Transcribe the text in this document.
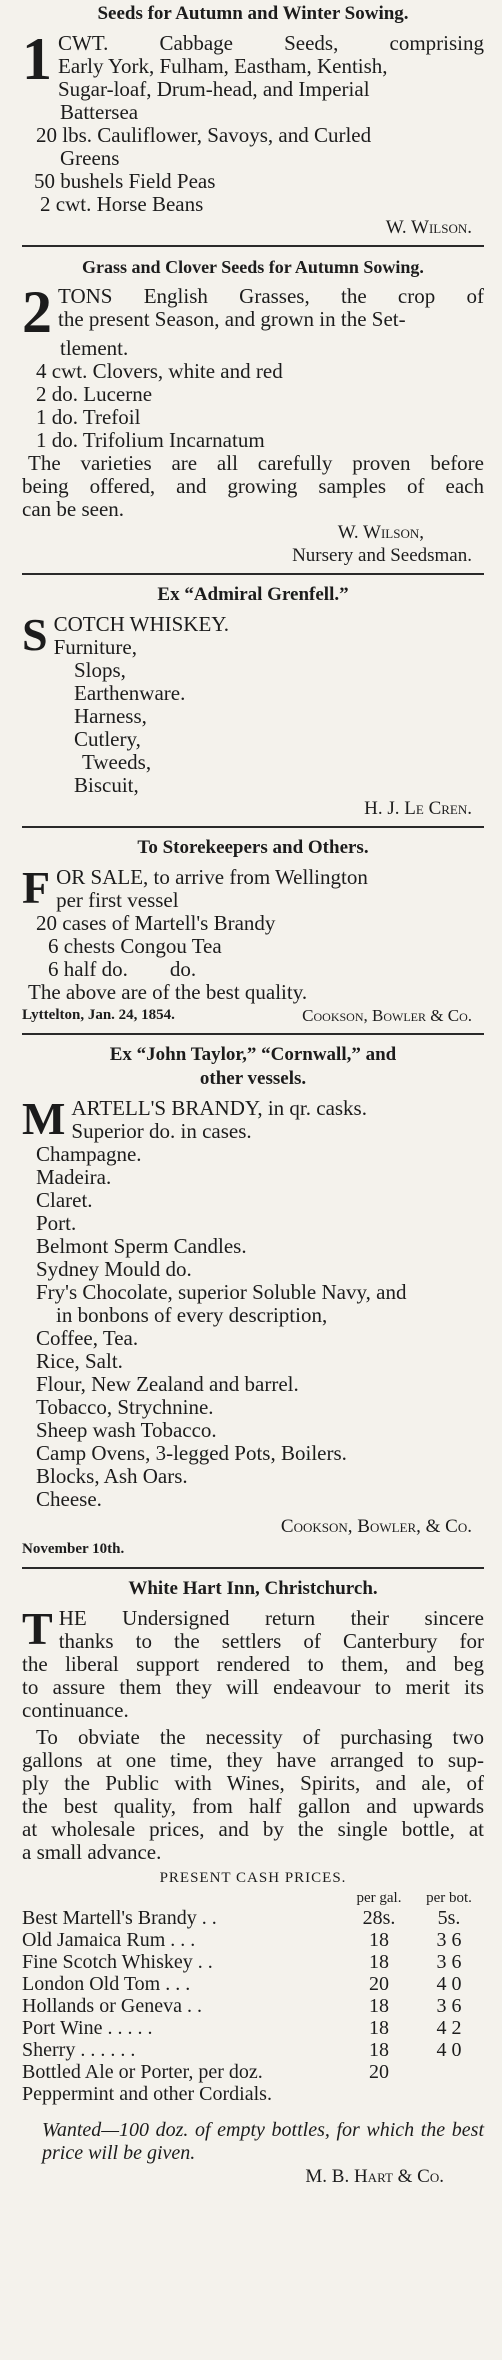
Seeds for Autumn and Winter Sowing.
1 CWT. Cabbage Seeds, comprising
Early York, Fulham, Eastham, Kentish,
Sugar-loaf, Drum-head, and Imperial
Battersea
20 lbs. Cauliflower, Savoys, and Curled
Greens
50 bushels Field Peas
2 cwt. Horse Beans
W. Wilson.
Grass and Clover Seeds for Autumn Sowing.
2 TONS English Grasses, the crop of
the present Season, and grown in the Set-
tlement.
4 cwt. Clovers, white and red
2 do. Lucerne
1 do. Trefoil
1 do. Trifolium Incarnatum
The varieties are all carefully proven before
being offered, and growing samples of each
can be seen.
W. Wilson,
Nursery and Seedsman.
Ex “Admiral Grenfell.”
S COTCH WHISKEY.
Furniture,
Slops,
Earthenware.
Harness,
Cutlery,
Tweeds,
Biscuit,
H. J. Le Cren.
To Storekeepers and Others.
F OR SALE, to arrive from Wellington
per first vessel
20 cases of Martell's Brandy
6 chests Congou Tea
6 half do.        do.
The above are of the best quality.
Lyttelton, Jan. 24, 1854.	Cookson, Bowler & Co.
Ex “John Taylor,” “Cornwall,” and
other vessels.
M ARTELL'S BRANDY, in qr. casks.
Superior do. in cases.
Champagne.
Madeira.
Claret.
Port.
Belmont Sperm Candles.
Sydney Mould do.
Fry's Chocolate, superior Soluble Navy, and
in bonbons of every description,
Coffee, Tea.
Rice, Salt.
Flour, New Zealand and barrel.
Tobacco, Strychnine.
Sheep wash Tobacco.
Camp Ovens, 3-legged Pots, Boilers.
Blocks, Ash Oars.
Cheese.
Cookson, Bowler, & Co.
November 10th.
White Hart Inn, Christchurch.
T HE Undersigned return their sincere
thanks to the settlers of Canterbury for
the liberal support rendered to them, and beg
to assure them they will endeavour to merit its
continuance.
To obviate the necessity of purchasing two
gallons at one time, they have arranged to sup-
ply the Public with Wines, Spirits, and ale, of
the best quality, from half gallon and upwards
at wholesale prices, and by the single bottle, at
a small advance.
PRESENT CASH PRICES.
per gal.	per bot.
Best Martell's Brandy . .	28s.	5s.
Old Jamaica Rum . . .	18	3 6
Fine Scotch Whiskey . .	18	3 6
London Old Tom . . .	20	4 0
Hollands or Geneva . .	18	3 6
Port Wine . . . . .	18	4 2
Sherry . . . . . .	18	4 0
Bottled Ale or Porter, per doz.	20
Peppermint and other Cordials.
Wanted—100 doz. of empty bottles, for which the best price will be given.
M. B. Hart & Co.
